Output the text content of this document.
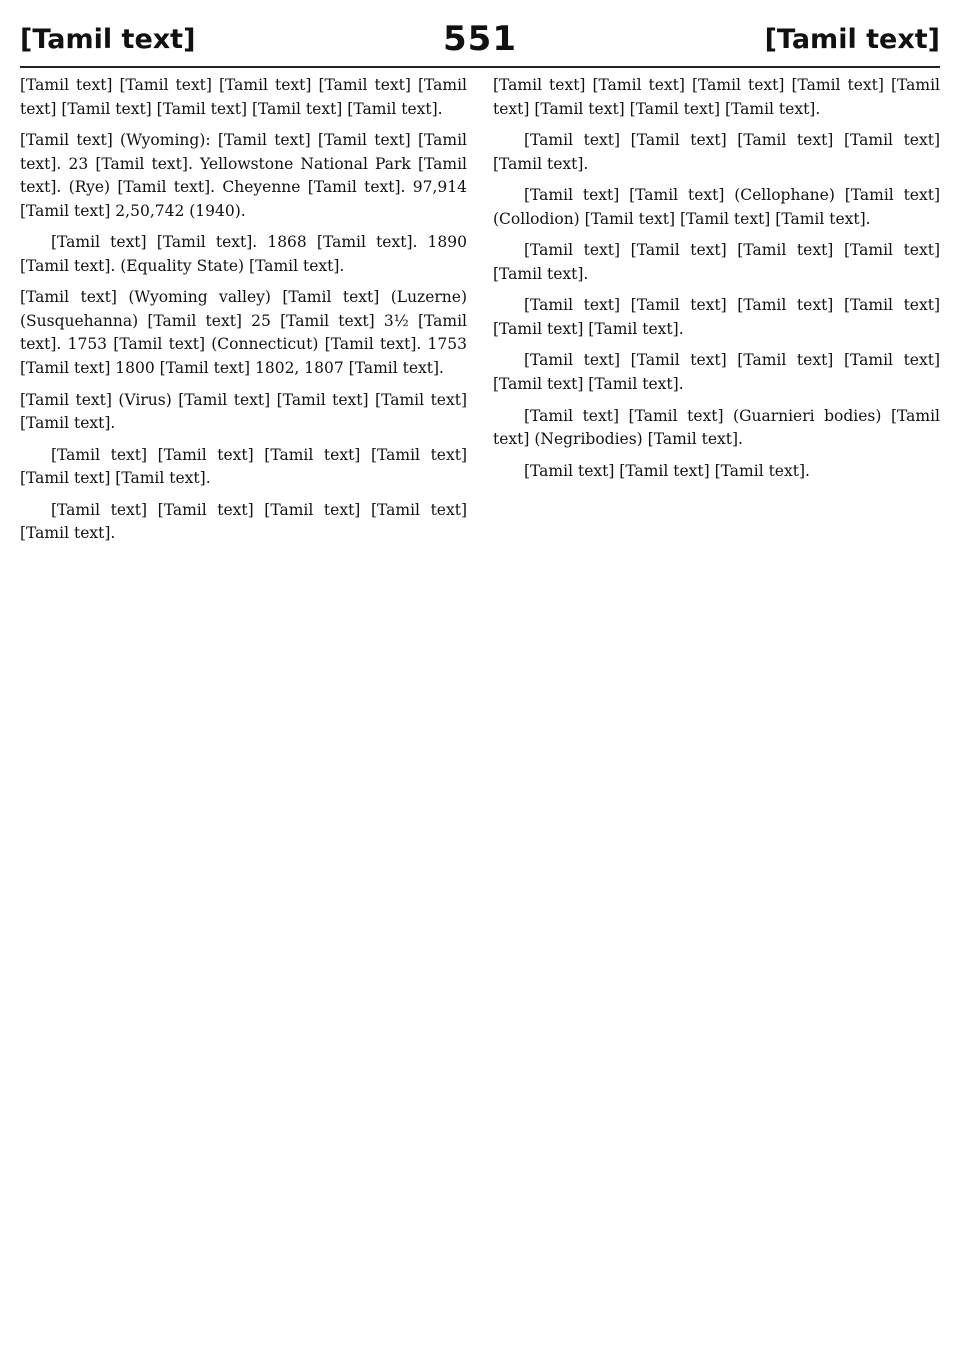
[Tamil text]	551	[Tamil text]

[Tamil text] [Tamil text] [Tamil text] [Tamil text] [Tamil text] [Tamil text] [Tamil text] [Tamil text] [Tamil text].

[Tamil text] (Wyoming): [Tamil text] [Tamil text] [Tamil text]. 23 [Tamil text]. Yellowstone National Park [Tamil text]. (Rye) [Tamil text]. Cheyenne [Tamil text]. 97,914 [Tamil text] 2,50,742 (1940).

[Tamil text] [Tamil text]. 1868 [Tamil text]. 1890 [Tamil text]. (Equality State) [Tamil text].

[Tamil text] (Wyoming valley) [Tamil text] (Luzerne) (Susquehanna) [Tamil text] 25 [Tamil text] 3½ [Tamil text]. 1753 [Tamil text] (Connecticut) [Tamil text]. 1753 [Tamil text] 1800 [Tamil text] 1802, 1807 [Tamil text].

[Tamil text] (Virus) [Tamil text] [Tamil text] [Tamil text] [Tamil text].

[Tamil text] [Tamil text] [Tamil text] [Tamil text] [Tamil text] [Tamil text].

[Tamil text] [Tamil text] [Tamil text] [Tamil text] [Tamil text].

[Tamil text] [Tamil text] [Tamil text] [Tamil text] [Tamil text] [Tamil text] [Tamil text] [Tamil text].

[Tamil text] [Tamil text] [Tamil text] [Tamil text] [Tamil text].

[Tamil text] [Tamil text] (Cellophane) [Tamil text] (Collodion) [Tamil text] [Tamil text] [Tamil text].

[Tamil text] [Tamil text] [Tamil text] [Tamil text] [Tamil text].

[Tamil text] [Tamil text] [Tamil text] [Tamil text] [Tamil text] [Tamil text].

[Tamil text] [Tamil text] [Tamil text] [Tamil text] [Tamil text] [Tamil text].

[Tamil text] [Tamil text] (Guarnieri bodies) [Tamil text] (Negribodies) [Tamil text].

[Tamil text] [Tamil text] [Tamil text].
